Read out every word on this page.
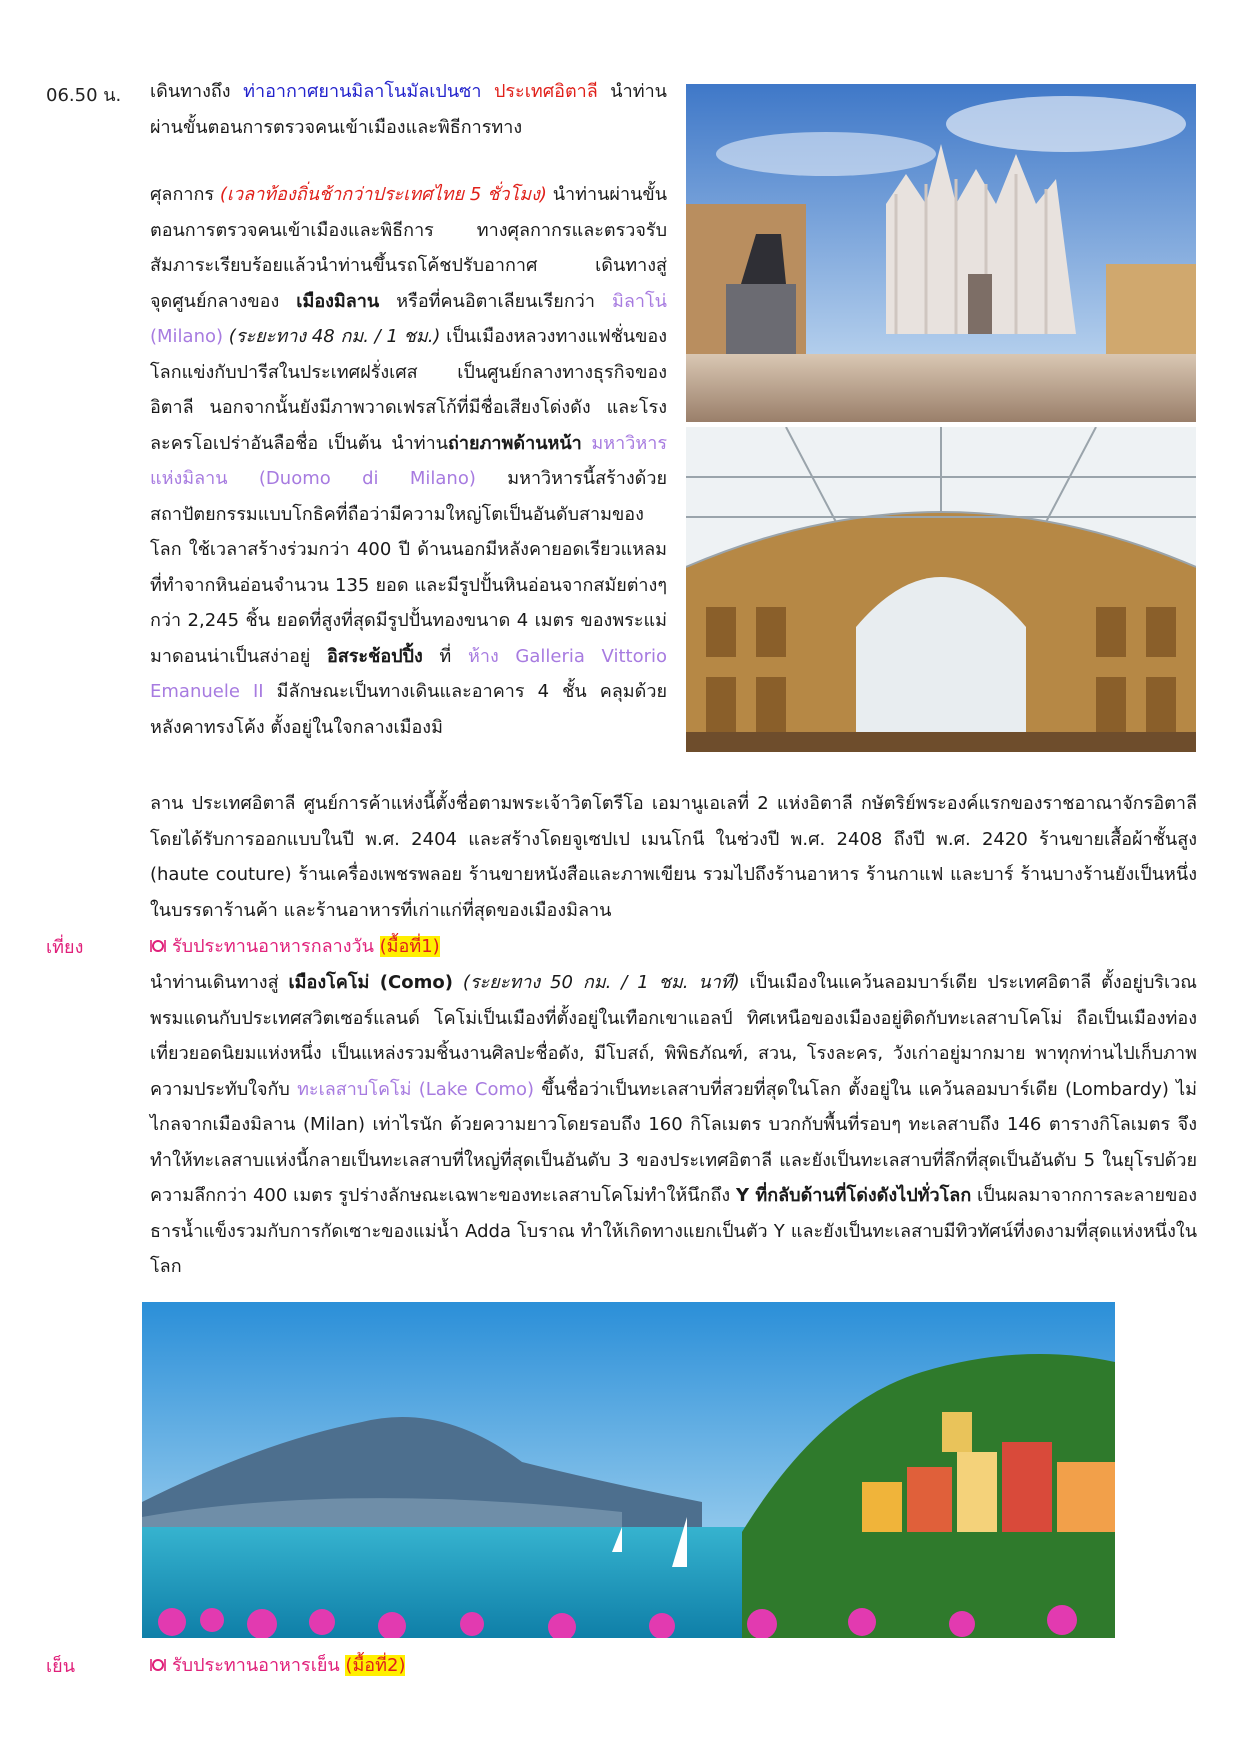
06.50 น. เดินทางถึง ท่าอากาศยานมิลาโนมัลเปนซา ประเทศอิตาลี นำท่านผ่านขั้นตอนการตรวจคนเข้าเมืองและพิธีการทาง
ศุลกากร (เวลาท้องถิ่นช้ากว่าประเทศไทย 5 ชั่วโมง) นำท่านผ่านขั้นตอนการตรวจคนเข้าเมืองและพิธีการ ทางศุลกากรและตรวจรับสัมภาระเรียบร้อยแล้วนำท่านขึ้นรถโค้ชปรับอากาศ เดินทางสู่จุดศูนย์กลางของ เมืองมิลาน หรือที่คนอิตาเลียนเรียกว่า มิลาโน่ (Milano) (ระยะทาง 48 กม. / 1 ชม.) เป็นเมืองหลวงทางแฟชั่นของโลกแข่งกับปารีสในประเทศฝรั่งเศส เป็นศูนย์กลางทางธุรกิจของอิตาลี นอกจากนั้นยังมีภาพวาดเฟรสโก้ที่มีชื่อเสียงโด่งดัง และโรงละครโอเปร่าอันลือชื่อ เป็นต้น นำท่านถ่ายภาพด้านหน้า มหาวิหารแห่งมิลาน (Duomo di Milano) มหาวิหารนี้สร้างด้วยสถาปัตยกรรมแบบโกธิคที่ถือว่ามีความใหญ่โตเป็นอันดับสามของโลก ใช้เวลาสร้างร่วมกว่า 400 ปี ด้านนอกมีหลังคายอดเรียวแหลมที่ทำจากหินอ่อนจำนวน 135 ยอด และมีรูปปั้นหินอ่อนจากสมัยต่างๆ กว่า 2,245 ชิ้น ยอดที่สูงที่สุดมีรูปปั้นทองขนาด 4 เมตร ของพระแม่มาดอนน่าเป็นสง่าอยู่ อิสระช้อปปิ้ง ที่ ห้าง Galleria Vittorio Emanuele II มีลักษณะเป็นทางเดินและอาคาร 4 ชั้น คลุมด้วยหลังคาทรงโค้ง ตั้งอยู่ในใจกลางเมืองมิ
ลาน ประเทศอิตาลี ศูนย์การค้าแห่งนี้ตั้งชื่อตามพระเจ้าวิตโตรีโอ เอมานูเอเลที่ 2 แห่งอิตาลี กษัตริย์พระองค์แรกของราชอาณาจักรอิตาลี โดยได้รับการออกแบบในปี พ.ศ. 2404 และสร้างโดยจูเซปเป เมนโกนี ในช่วงปี พ.ศ. 2408 ถึงปี พ.ศ. 2420 ร้านขายเสื้อผ้าชั้นสูง (haute couture) ร้านเครื่องเพชรพลอย ร้านขายหนังสือและภาพเขียน รวมไปถึงร้านอาหาร ร้านกาแฟ และบาร์ ร้านบางร้านยังเป็นหนึ่งในบรรดาร้านค้า และร้านอาหารที่เก่าแก่ที่สุดของเมืองมิลาน
เที่ยง	รับประทานอาหารกลางวัน (มื้อที่1)
นำท่านเดินทางสู่ เมืองโคโม่ (Como) (ระยะทาง 50 กม. / 1 ชม. นาที) เป็นเมืองในแคว้นลอมบาร์เดีย ประเทศอิตาลี ตั้งอยู่บริเวณพรมแดนกับประเทศสวิตเซอร์แลนด์ โคโม่เป็นเมืองที่ตั้งอยู่ในเทือกเขาแอลป์ ทิศเหนือของเมืองอยู่ติดกับทะเลสาบโคโม่ ถือเป็นเมืองท่องเที่ยวยอดนิยมแห่งหนึ่ง เป็นแหล่งรวมชิ้นงานศิลปะชื่อดัง, มีโบสถ์, พิพิธภัณฑ์, สวน, โรงละคร, วังเก่าอยู่มากมาย พาทุกท่านไปเก็บภาพความประทับใจกับ ทะเลสาบโคโม่ (Lake Como) ขึ้นชื่อว่าเป็นทะเลสาบที่สวยที่สุดในโลก ตั้งอยู่ใน แคว้นลอมบาร์เดีย (Lombardy) ไม่ไกลจากเมืองมิลาน (Milan) เท่าไรนัก ด้วยความยาวโดยรอบถึง 160 กิโลเมตร บวกกับพื้นที่รอบๆ ทะเลสาบถึง 146 ตารางกิโลเมตร จึงทำให้ทะเลสาบแห่งนี้กลายเป็นทะเลสาบที่ใหญ่ที่สุดเป็นอันดับ 3 ของประเทศอิตาลี และยังเป็นทะเลสาบที่ลึกที่สุดเป็นอันดับ 5 ในยุโรปด้วยความลึกกว่า 400 เมตร รูปร่างลักษณะเฉพาะของทะเลสาบโคโม่ทำให้นึกถึง Y ที่กลับด้านที่โด่งดังไปทั่วโลก เป็นผลมาจากการละลายของธารน้ำแข็งรวมกับการกัดเซาะของแม่น้ำ Adda โบราณ ทำให้เกิดทางแยกเป็นตัว Y และยังเป็นทะเลสาบมีทิวทัศน์ที่งดงามที่สุดแห่งหนึ่งในโลก
เย็น	รับประทานอาหารเย็น (มื้อที่2)
